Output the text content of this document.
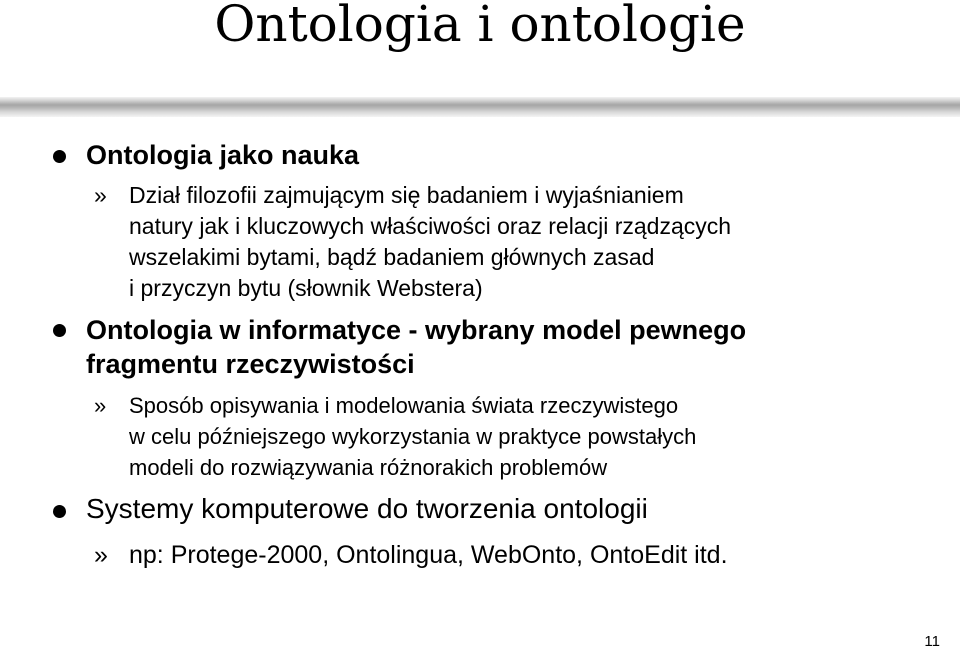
Ontologia i ontologie
Ontologia jako nauka
» Dział filozofii zajmującym się badaniem i wyjaśnianiem
natury jak i kluczowych właściwości oraz relacji rządzących
wszelakimi bytami, bądź badaniem głównych zasad
i przyczyn bytu (słownik Webstera)
Ontologia w informatyce - wybrany model pewnego
fragmentu rzeczywistości
» Sposób opisywania i modelowania świata rzeczywistego
w celu późniejszego wykorzystania w praktyce powstałych
modeli do rozwiązywania różnorakich problemów
Systemy komputerowe do tworzenia ontologii
» np: Protege-2000, Ontolingua, WebOnto, OntoEdit itd.
11
